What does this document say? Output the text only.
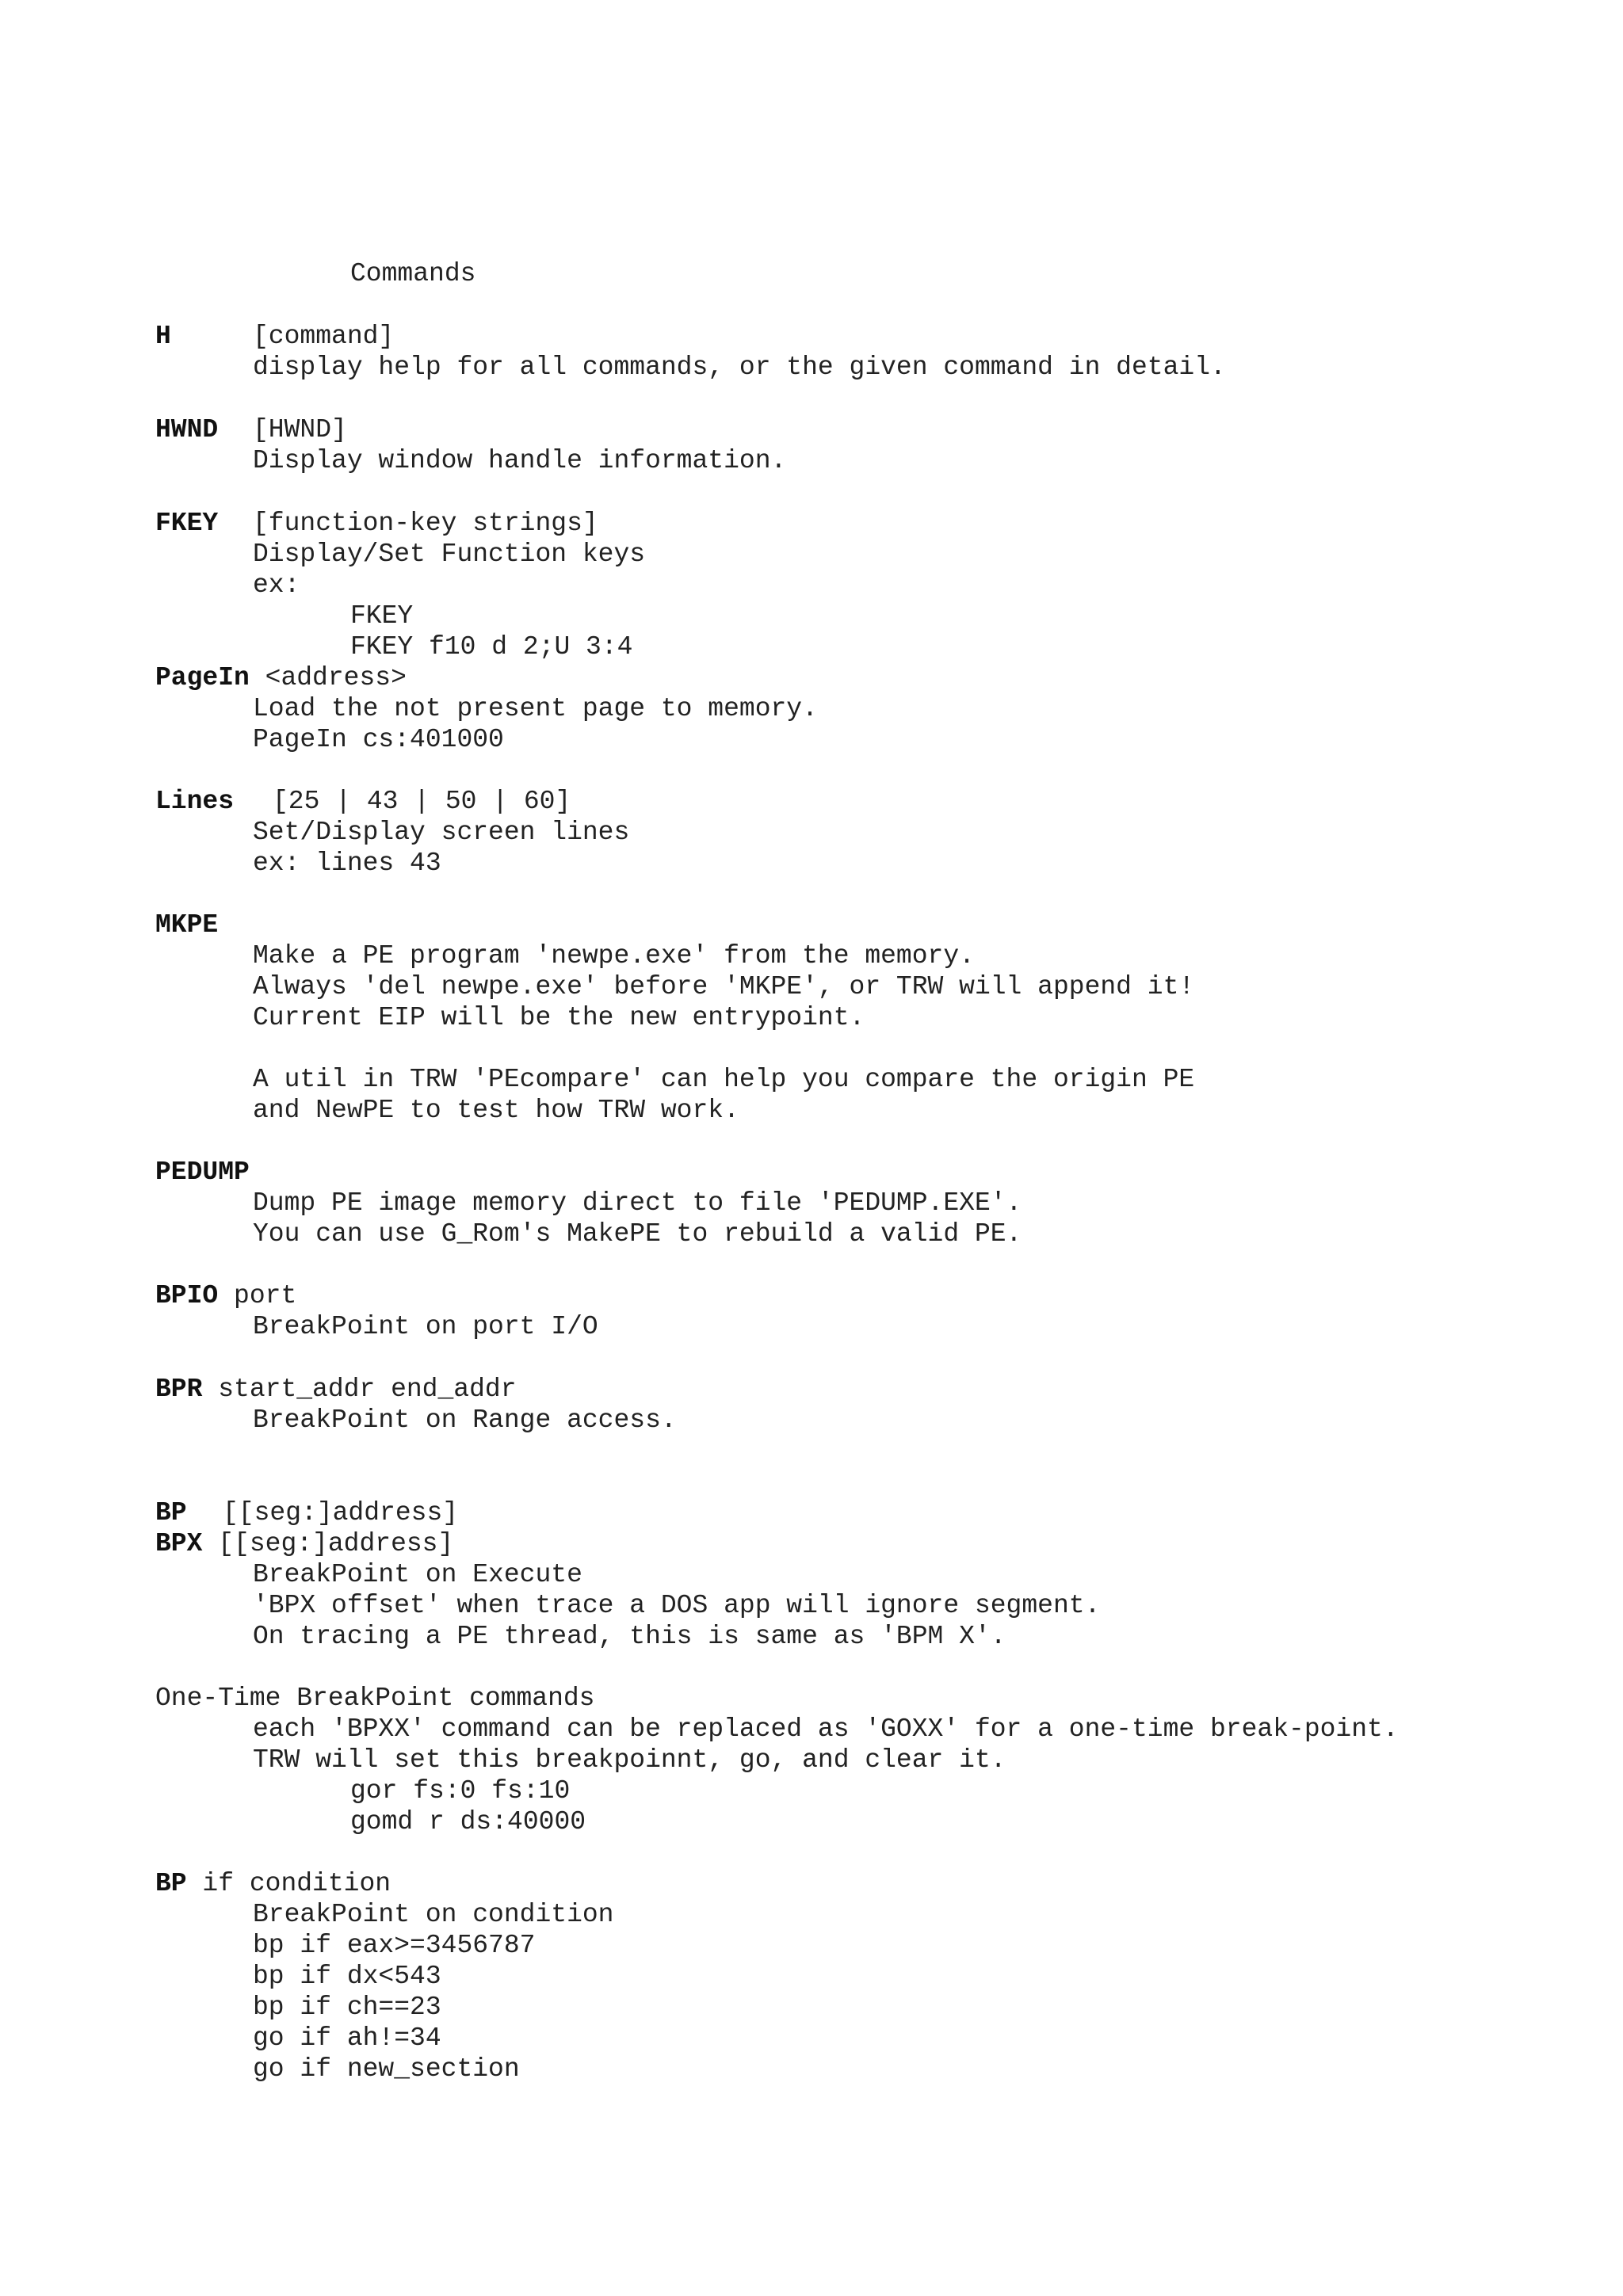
Commands
H	[command]
display help for all commands, or the given command in detail.
HWND [HWND]
Display window handle information.
FKEY [function-key strings]
Display/Set Function keys
ex:
FKEY
FKEY f10 d 2;U 3:4
PageIn <address>
Load the not present page to memory.
PageIn cs:401000
Lines [25 | 43 | 50 | 60]
Set/Display screen lines
ex: lines 43
MKPE
Make a PE program 'newpe.exe' from the memory.
Always 'del newpe.exe' before 'MKPE', or TRW will append it!
Current EIP will be the new entrypoint.
A util in TRW 'PEcompare' can help you compare the origin PE
and NewPE to test how TRW work.
PEDUMP
Dump PE image memory direct to file 'PEDUMP.EXE'.
You can use G_Rom's MakePE to rebuild a valid PE.
BPIO port
BreakPoint on port I/O
BPR start_addr end_addr
BreakPoint on Range access.
BP [[seg:]address]
BPX [[seg:]address]
BreakPoint on Execute
'BPX offset' when trace a DOS app will ignore segment.
On tracing a PE thread, this is same as 'BPM X'.
One-Time BreakPoint commands
each 'BPXX' command can be replaced as 'GOXX' for a one-time break-point.
TRW will set this breakpoinnt, go, and clear it.
gor fs:0 fs:10
gomd r ds:40000
BP if condition
BreakPoint on condition
bp if eax>=3456787
bp if dx<543
bp if ch==23
go if ah!=34
go if new_section
